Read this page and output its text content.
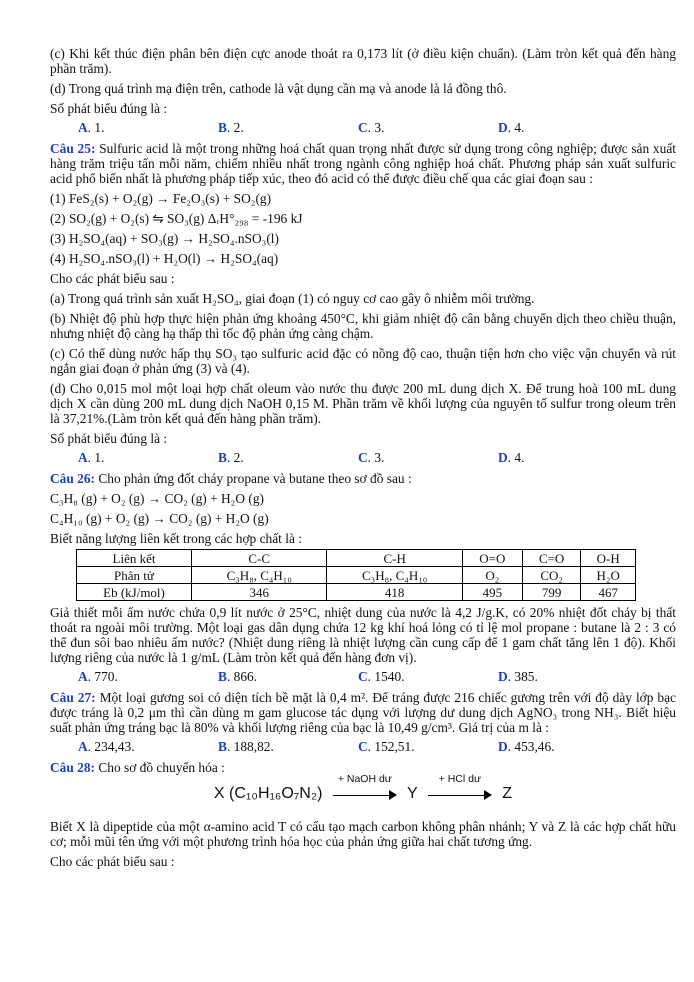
(c) Khi kết thúc điện phân bên điện cực anode thoát ra 0,173 lít (ở điều kiện chuẩn). (Làm tròn kết quả đến hàng phần trăm).

(d) Trong quá trình mạ điện trên, cathode là vật dụng cần mạ và anode là lá đồng thô.

Số phát biểu đúng là :

A. 1.	B. 2.	C. 3.	D. 4.

Câu 25: Sulfuric acid là một trong những hoá chất quan trọng nhất được sử dụng trong công nghiệp; được sản xuất hàng trăm triệu tấn mỗi năm, chiếm nhiều nhất trong ngành công nghiệp hoá chất. Phương pháp sản xuất sulfuric acid phổ biến nhất là phương pháp tiếp xúc, theo đó acid có thể được điều chế qua các giai đoạn sau :

(1) FeS₂(s) + O₂(g) → Fe₂O₃(s) + SO₂(g)

(2) SO₂(g) + O₂(s) ⇋ SO₃(g) ΔᵣH°₂₉₈ = -196 kJ

(3) H₂SO₄(aq) + SO₃(g) → H₂SO₄.nSO₃(l)

(4) H₂SO₄.nSO₃(l) + H₂O(l) → H₂SO₄(aq)

Cho các phát biểu sau :

(a) Trong quá trình sản xuất H₂SO₄, giai đoạn (1) có nguy cơ cao gây ô nhiễm môi trường.

(b) Nhiệt độ phù hợp thực hiện phản ứng khoảng 450°C, khi giảm nhiệt độ cân bằng chuyển dịch theo chiều thuận, nhưng nhiệt độ càng hạ thấp thì tốc độ phản ứng càng chậm.

(c) Có thể dùng nước hấp thụ SO₃ tạo sulfuric acid đặc có nồng độ cao, thuận tiện hơn cho việc vận chuyển và rút ngắn giai đoạn ở phản ứng (3) và (4).

(d) Cho 0,015 mol một loại hợp chất oleum vào nước thu được 200 mL dung dịch X. Để trung hoà 100 mL dung dịch X cần dùng 200 mL dung dịch NaOH 0,15 M. Phần trăm về khối lượng của nguyên tố sulfur trong oleum trên là 37,21%.(Làm tròn kết quả đến hàng phần trăm).

Số phát biểu đúng là :

A. 1.	B. 2.	C. 3.	D. 4.

Câu 26: Cho phản ứng đốt cháy propane và butane theo sơ đồ sau :

C₃H₈ (g) + O₂ (g) → CO₂ (g) + H₂O (g)

C₄H₁₀ (g) + O₂ (g) → CO₂ (g) + H₂O (g)

Biết năng lượng liên kết trong các hợp chất là :

Liên kết	C-C	C-H	O=O	C=O	O-H
Phân tử	C₃H₈, C₄H₁₀	C₃H₈, C₄H₁₀	O₂	CO₂	H₂O
Eb (kJ/mol)	346	418	495	799	467

Giả thiết mỗi ấm nước chứa 0,9 lít nước ở 25°C, nhiệt dung của nước là 4,2 J/g.K, có 20% nhiệt đốt cháy bị thất thoát ra ngoài môi trường. Một loại gas dân dụng chứa 12 kg khí hoá lỏng có tỉ lệ mol propane : butane là 2 : 3 có thể đun sôi bao nhiêu ấm nước? (Nhiệt dung riêng là nhiệt lượng cần cung cấp để 1 gam chất tăng lên 1 độ). Khối lượng riêng của nước là 1 g/mL (Làm tròn kết quả đến hàng đơn vị).

A. 770.	B. 866.	C. 1540.	D. 385.

Câu 27: Một loại gương soi có diện tích bề mặt là 0,4 m². Để tráng được 216 chiếc gương trên với độ dày lớp bạc được tráng là 0,2 μm thì cần dùng m gam glucose tác dụng với lượng dư dung dịch AgNO₃ trong NH₃. Biết hiệu suất phản ứng tráng bạc là 80% và khối lượng riêng của bạc là 10,49 g/cm³. Giá trị của m là :

A. 234,43.	B. 188,82.	C. 152,51.	D. 453,46.

Câu 28: Cho sơ đồ chuyển hóa :

X (C₁₀H₁₆O₇N₂)
+ NaOH dư
Y
+ HCl dư
Z

Biết X là dipeptide của một α-amino acid T có cấu tạo mạch carbon không phân nhánh; Y và Z là các hợp chất hữu cơ; mỗi mũi tên ứng với một phương trình hóa học của phản ứng giữa hai chất tương ứng.

Cho các phát biểu sau :
